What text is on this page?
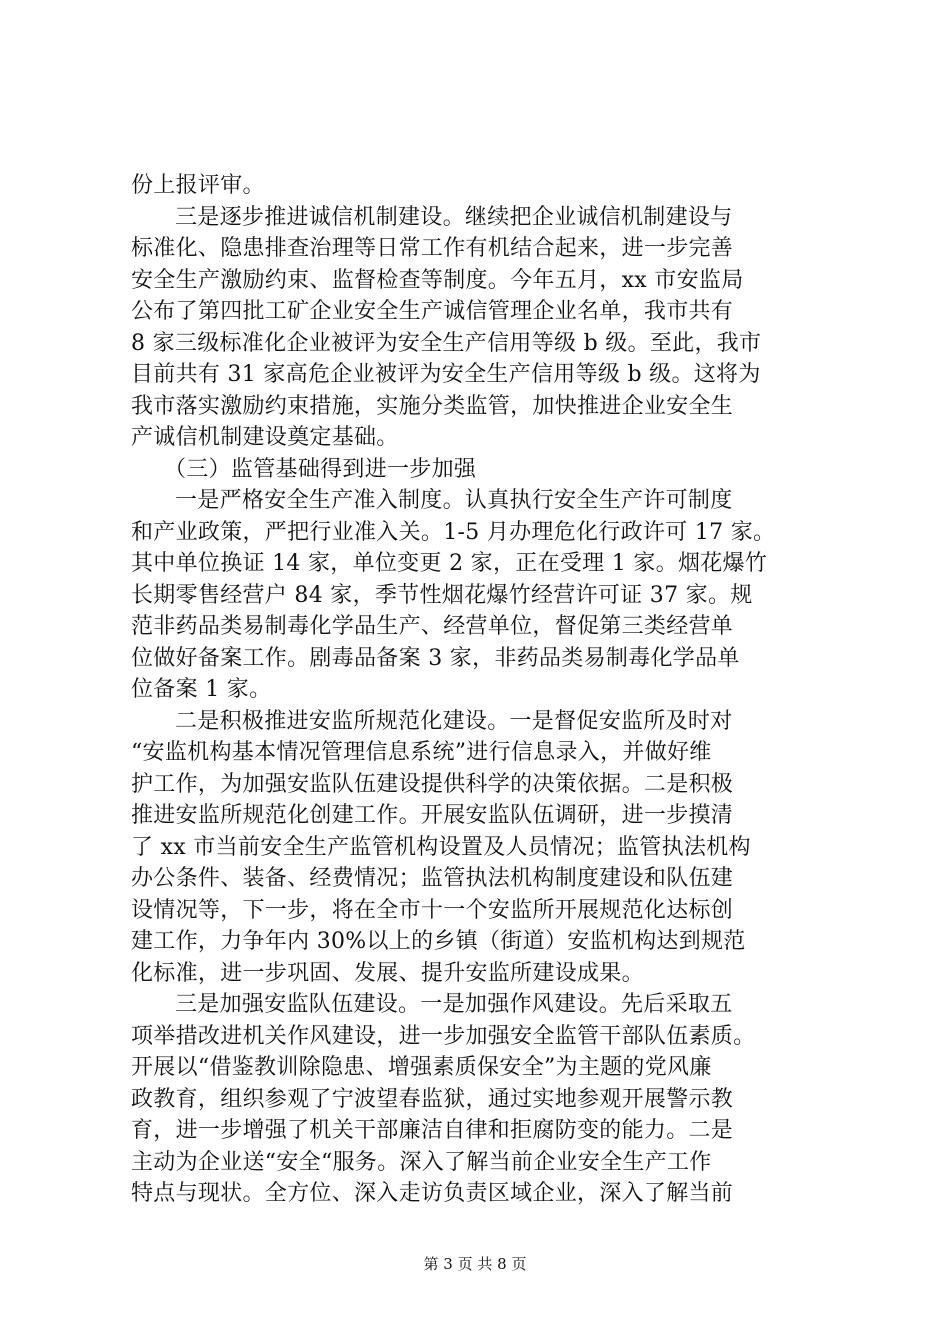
份上报评审。
三是逐步推进诚信机制建设。继续把企业诚信机制建设与
标准化、隐患排查治理等日常工作有机结合起来，进一步完善
安全生产激励约束、监督检查等制度。今年五月，xx 市安监局
公布了第四批工矿企业安全生产诚信管理企业名单，我市共有
8 家三级标准化企业被评为安全生产信用等级 b 级。至此，我市
目前共有 31 家高危企业被评为安全生产信用等级 b 级。这将为
我市落实激励约束措施，实施分类监管，加快推进企业安全生
产诚信机制建设奠定基础。
（三）监管基础得到进一步加强
一是严格安全生产准入制度。认真执行安全生产许可制度
和产业政策，严把行业准入关。1-5 月办理危化行政许可 17 家。
其中单位换证 14 家，单位变更 2 家，正在受理 1 家。烟花爆竹
长期零售经营户 84 家，季节性烟花爆竹经营许可证 37 家。规
范非药品类易制毒化学品生产、经营单位，督促第三类经营单
位做好备案工作。剧毒品备案 3 家，非药品类易制毒化学品单
位备案 1 家。
二是积极推进安监所规范化建设。一是督促安监所及时对
“安监机构基本情况管理信息系统”进行信息录入，并做好维
护工作，为加强安监队伍建设提供科学的决策依据。二是积极
推进安监所规范化创建工作。开展安监队伍调研，进一步摸清
了 xx 市当前安全生产监管机构设置及人员情况；监管执法机构
办公条件、装备、经费情况；监管执法机构制度建设和队伍建
设情况等，下一步，将在全市十一个安监所开展规范化达标创
建工作，力争年内 30%以上的乡镇（街道）安监机构达到规范
化标准，进一步巩固、发展、提升安监所建设成果。
三是加强安监队伍建设。一是加强作风建设。先后采取五
项举措改进机关作风建设，进一步加强安全监管干部队伍素质。
开展以“借鉴教训除隐患、增强素质保安全”为主题的党风廉
政教育，组织参观了宁波望春监狱，通过实地参观开展警示教
育，进一步增强了机关干部廉洁自律和拒腐防变的能力。二是
主动为企业送“安全“服务。深入了解当前企业安全生产工作
特点与现状。全方位、深入走访负责区域企业，深入了解当前
第 3 页 共 8 页
